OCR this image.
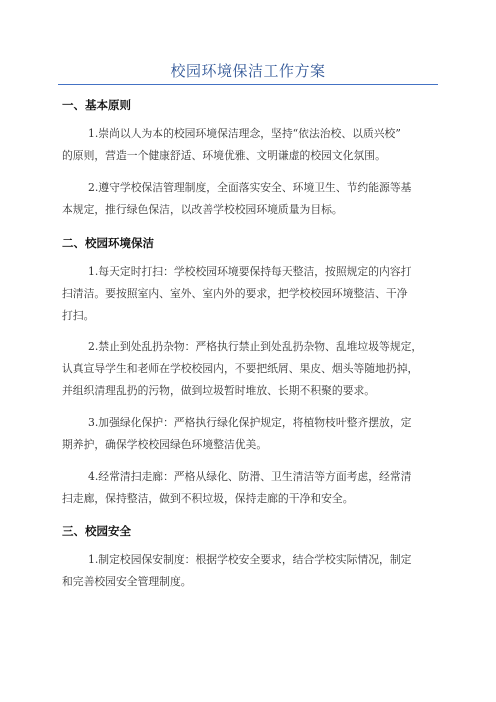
校园环境保洁工作方案
一、基本原则
1.崇尚以人为本的校园环境保洁理念，坚持“依法治校、以质兴校”
的原则，营造一个健康舒适、环境优雅、文明谦虚的校园文化氛围。
2.遵守学校保洁管理制度，全面落实安全、环境卫生、节约能源等基
本规定，推行绿色保洁，以改善学校校园环境质量为目标。
二、校园环境保洁
1.每天定时打扫：学校校园环境要保持每天整洁，按照规定的内容打
扫清洁。要按照室内、室外、室内外的要求，把学校校园环境整洁、干净
打扫。
2.禁止到处乱扔杂物：严格执行禁止到处乱扔杂物、乱堆垃圾等规定，
认真宣导学生和老师在学校校园内，不要把纸屑、果皮、烟头等随地扔掉，
并组织清理乱扔的污物，做到垃圾暂时堆放、长期不积聚的要求。
3.加强绿化保护：严格执行绿化保护规定，将植物枝叶整齐摆放，定
期养护，确保学校校园绿色环境整洁优美。
4.经常清扫走廊：严格从绿化、防滑、卫生清洁等方面考虑，经常清
扫走廊，保持整洁，做到不积垃圾，保持走廊的干净和安全。
三、校园安全
1.制定校园保安制度：根据学校安全要求，结合学校实际情况，制定
和完善校园安全管理制度。
